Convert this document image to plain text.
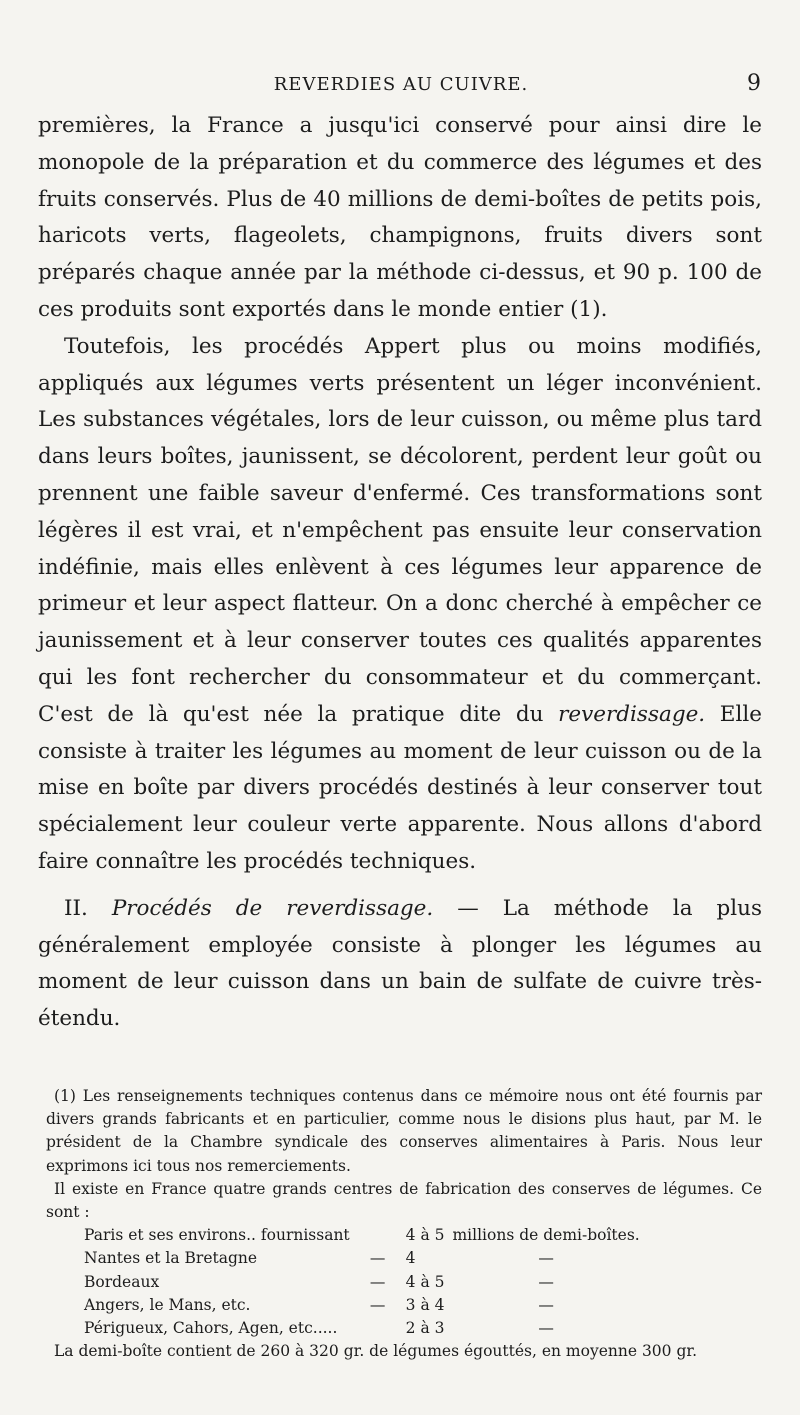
REVERDIES AU CUIVRE.	9

premières, la France a jusqu'ici conservé pour ainsi dire le monopole de la préparation et du commerce des légumes et des fruits conservés. Plus de 40 millions de demi-boîtes de petits pois, haricots verts, flageolets, champignons, fruits divers sont préparés chaque année par la méthode ci-dessus, et 90 p. 100 de ces produits sont exportés dans le monde entier (1).

Toutefois, les procédés Appert plus ou moins modifiés, appliqués aux légumes verts présentent un léger inconvénient. Les substances végétales, lors de leur cuisson, ou même plus tard dans leurs boîtes, jaunissent, se décolorent, perdent leur goût ou prennent une faible saveur d'enfermé. Ces transformations sont légères il est vrai, et n'empêchent pas ensuite leur conservation indéfinie, mais elles enlèvent à ces légumes leur apparence de primeur et leur aspect flatteur. On a donc cherché à empêcher ce jaunissement et à leur conserver toutes ces qualités apparentes qui les font rechercher du consommateur et du commerçant. C'est de là qu'est née la pratique dite du reverdissage. Elle consiste à traiter les légumes au moment de leur cuisson ou de la mise en boîte par divers procédés destinés à leur conserver tout spécialement leur couleur verte apparente. Nous allons d'abord faire connaître les procédés techniques.

II. Procédés de reverdissage. — La méthode la plus généralement employée consiste à plonger les légumes au moment de leur cuisson dans un bain de sulfate de cuivre très-étendu.

(1) Les renseignements techniques contenus dans ce mémoire nous ont été fournis par divers grands fabricants et en particulier, comme nous le disions plus haut, par M. le président de la Chambre syndicale des conserves alimentaires à Paris. Nous leur exprimons ici tous nos remerciements.

Il existe en France quatre grands centres de fabrication des conserves de légumes. Ce sont :

Paris et ses environs.. fournissant		4 à 5	millions de demi-boîtes.
Nantes et la Bretagne	—	4	—
Bordeaux	—	4 à 5	—
Angers, le Mans, etc.	—	3 à 4	—
Périgueux, Cahors, Agen, etc.....		2 à 3	—

La demi-boîte contient de 260 à 320 gr. de légumes égouttés, en moyenne 300 gr.
